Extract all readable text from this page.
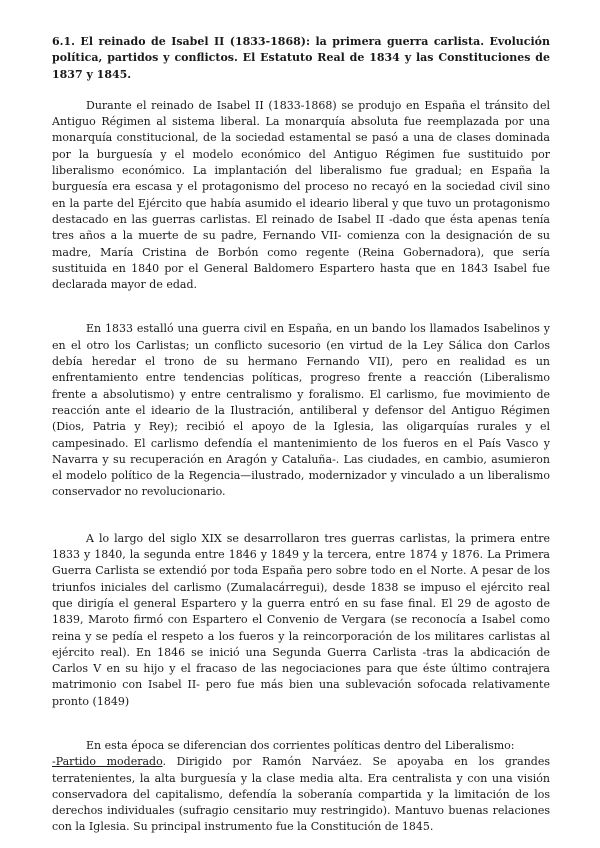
6.1. El reinado de Isabel II (1833-1868): la primera guerra carlista. Evolución política, partidos y conflictos. El Estatuto Real de 1834 y las Constituciones de 1837 y 1845.

Durante el reinado de Isabel II (1833-1868) se produjo en España el tránsito del Antiguo Régimen al sistema liberal. La monarquía absoluta fue reemplazada por una monarquía constitucional, de la sociedad estamental se pasó a una de clases dominada por la burguesía y el modelo económico del Antiguo Régimen fue sustituido por liberalismo económico. La implantación del liberalismo fue gradual; en España la burguesía era escasa y el protagonismo del proceso no recayó en la sociedad civil sino en la parte del Ejército que había asumido el ideario liberal y que tuvo un protagonismo destacado en las guerras carlistas. El reinado de Isabel II -dado que ésta apenas tenía tres años a la muerte de su padre, Fernando VII- comienza con la designación de su madre, María Cristina de Borbón como regente (Reina Gobernadora), que sería sustituida en 1840 por el General Baldomero Espartero hasta que en 1843 Isabel fue declarada mayor de edad.

En 1833 estalló una guerra civil en España, en un bando los llamados Isabelinos y en el otro los Carlistas; un conflicto sucesorio (en virtud de la Ley Sálica don Carlos debía heredar el trono de su hermano Fernando VII), pero en realidad es un enfrentamiento entre tendencias políticas, progreso frente a reacción (Liberalismo frente a absolutismo) y entre centralismo y foralismo. El carlismo, fue movimiento de reacción ante el ideario de la Ilustración, antiliberal y defensor del Antiguo Régimen (Dios, Patria y Rey); recibió el apoyo de la Iglesia, las oligarquías rurales y el campesinado. El carlismo defendía el mantenimiento de los fueros en el País Vasco y Navarra y su recuperación en Aragón y Cataluña-. Las ciudades, en cambio, asumieron el modelo político de la Regencia—ilustrado, modernizador y vinculado a un liberalismo conservador no revolucionario.

A lo largo del siglo XIX se desarrollaron tres guerras carlistas, la primera entre 1833 y 1840, la segunda entre 1846 y 1849 y la tercera, entre 1874 y 1876. La Primera Guerra Carlista se extendió por toda España pero sobre todo en el Norte. A pesar de los triunfos iniciales del carlismo (Zumalacárregui), desde 1838 se impuso el ejército real que dirigía el general Espartero y la guerra entró en su fase final. El 29 de agosto de 1839, Maroto firmó con Espartero el Convenio de Vergara (se reconocía a Isabel como reina y se pedía el respeto a los fueros y la reincorporación de los militares carlistas al ejército real). En 1846 se inició una Segunda Guerra Carlista -tras la abdicación de Carlos V en su hijo y el fracaso de las negociaciones para que éste último contrajera matrimonio con Isabel II- pero fue más bien una sublevación sofocada relativamente pronto (1849)

En esta época se diferencian dos corrientes políticas dentro del Liberalismo:

-Partido moderado. Dirigido por Ramón Narváez. Se apoyaba en los grandes terratenientes, la alta burguesía y la clase media alta. Era centralista y con una visión conservadora del capitalismo, defendía la soberanía compartida y la limitación de los derechos individuales (sufragio censitario muy restringido). Mantuvo buenas relaciones con la Iglesia. Su principal instrumento fue la Constitución de 1845.
